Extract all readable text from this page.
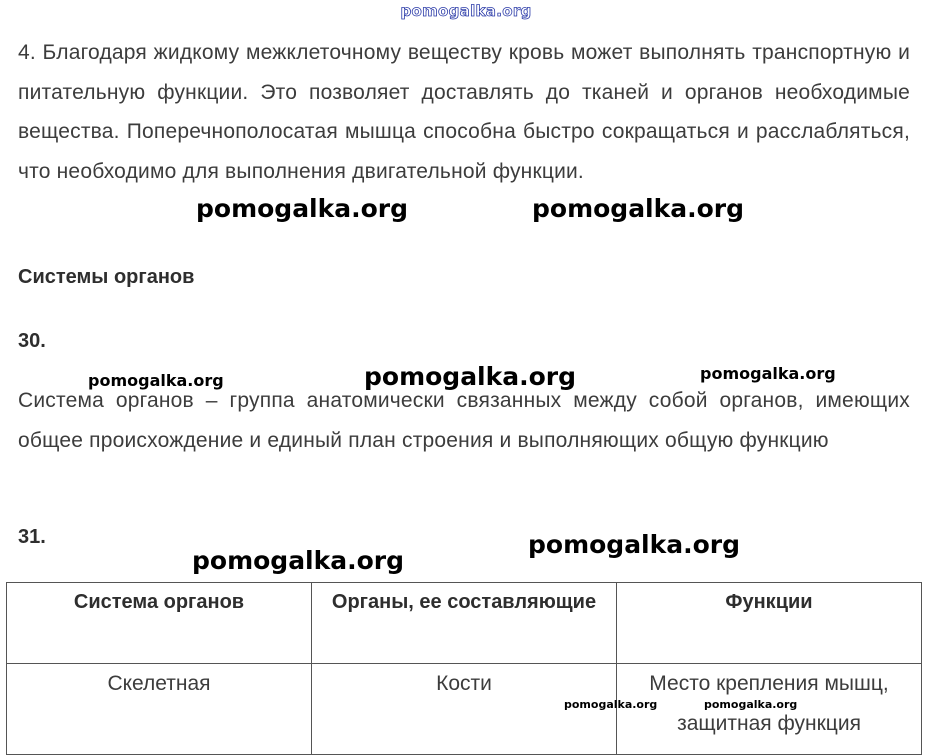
pomogalka.org
4. Благодаря жидкому межклеточному веществу кровь может выполнять транспортную и питательную функции. Это позволяет доставлять до тканей и органов необходимые вещества. Поперечнополосатая мышца способна быстро сокращаться и расслабляться, что необходимо для выполнения двигательной функции.
Системы органов
30.
Система органов – группа анатомически связанных между собой органов, имеющих общее происхождение и единый план строения и выполняющих общую функцию
31.
Система органов	Органы, ее составляющие	Функции
Скелетная	Кости	Место крепления мышц, защитная функция
pomogalka.org	pomogalka.org
pomogalka.org	pomogalka.org	pomogalka.org
pomogalka.org
pomogalka.org
pomogalka.org	pomogalka.org
